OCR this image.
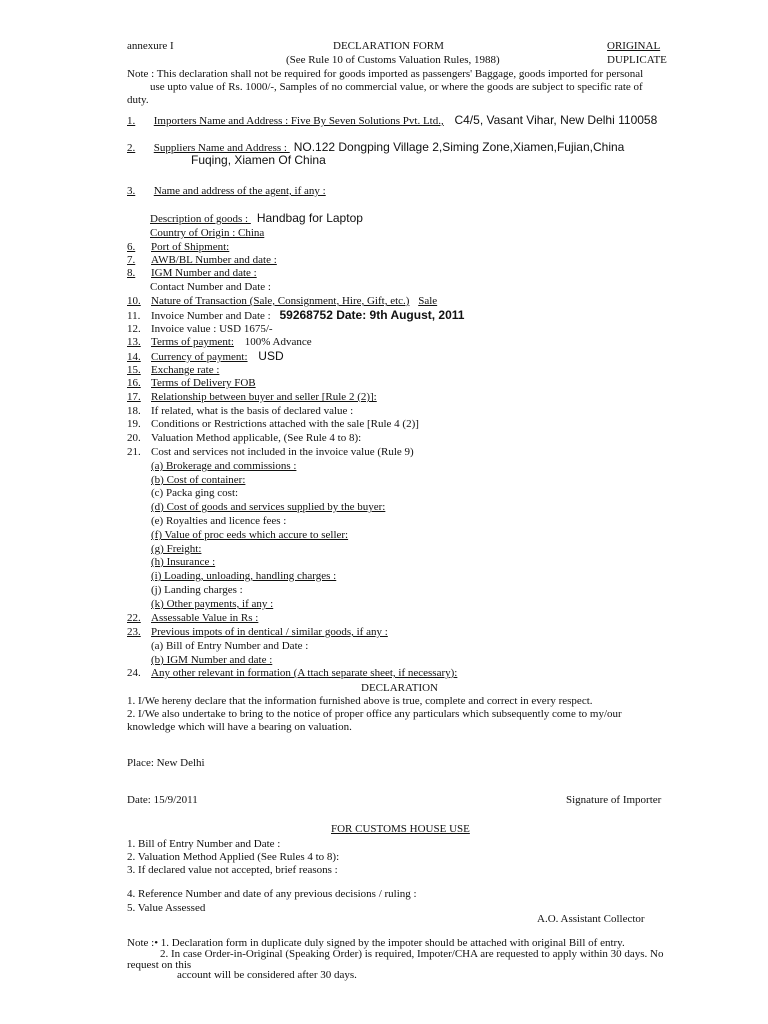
annexure I	DECLARATION FORM	ORIGINAL
(See Rule 10 of Customs Valuation Rules, 1988)	DUPLICATE
Note : This declaration shall not be required for goods imported as passengers' Baggage, goods imported for personal
use upto value of Rs. 1000/-, Samples of no commercial value, or where the goods are subject to specific rate of
duty.
1. Importers Name and Address : Five By Seven Solutions Pvt. Ltd., C4/5, Vasant Vihar, New Delhi 110058
2. Suppliers Name and Address : NO.122 Dongping Village 2,Siming Zone,Xiamen,Fujian,China
Fuqing, Xiamen Of China
3. Name and address of the agent, if any :
Description of goods : Handbag for Laptop
Country of Origin : China
6. Port of Shipment:
7. AWB/BL Number and date :
8. IGM Number and date :
Contact Number and Date :
10. Nature of Transaction (Sale, Consignment, Hire, Gift, etc.) Sale
11. Invoice Number and Date : 59268752 Date: 9th August, 2011
12. Invoice value : USD 1675/-
13. Terms of payment: 100% Advance
14. Currency of payment: USD
15. Exchange rate :
16. Terms of Delivery FOB
17. Relationship between buyer and seller [Rule 2 (2)]:
18. If related, what is the basis of declared value :
19. Conditions or Restrictions attached with the sale [Rule 4 (2)]
20. Valuation Method applicable, (See Rule 4 to 8):
21. Cost and services not included in the invoice value (Rule 9)
(a) Brokerage and commissions :
(b) Cost of container:
(c) Packa ging cost:
(d) Cost of goods and services supplied by the buyer:
(e) Royalties and licence fees :
(f) Value of proc eeds which accure to seller:
(g) Freight:
(h) Insurance :
(i) Loading, unloading, handling charges :
(j) Landing charges :
(k) Other payments, if any :
22. Assessable Value in Rs :
23. Previous impots of in dentical / similar goods, if any :
(a) Bill of Entry Number and Date :
(b) IGM Number and date :
24. Any other relevant in formation (A ttach separate sheet, if necessary):
DECLARATION
1. I/We hereny declare that the information furnished above is true, complete and correct in every respect.
2. I/We also undertake to bring to the notice of proper office any particulars which subsequently come to my/our
knowledge which will have a bearing on valuation.
Place: New Delhi
Date: 15/9/2011	Signature of Importer
FOR CUSTOMS HOUSE USE
1. Bill of Entry Number and Date :
2. Valuation Method Applied (See Rules 4 to 8):
3. If declared value not accepted, brief reasons :
4. Reference Number and date of any previous decisions / ruling :
5. Value Assessed
A.O. Assistant Collector
Note :• 1. Declaration form in duplicate duly signed by the impoter should be attached with original Bill of entry.
2. In case Order-in-Original (Speaking Order) is required, Impoter/CHA are requested to apply within 30 days. No
request on this
account will be considered after 30 days.
